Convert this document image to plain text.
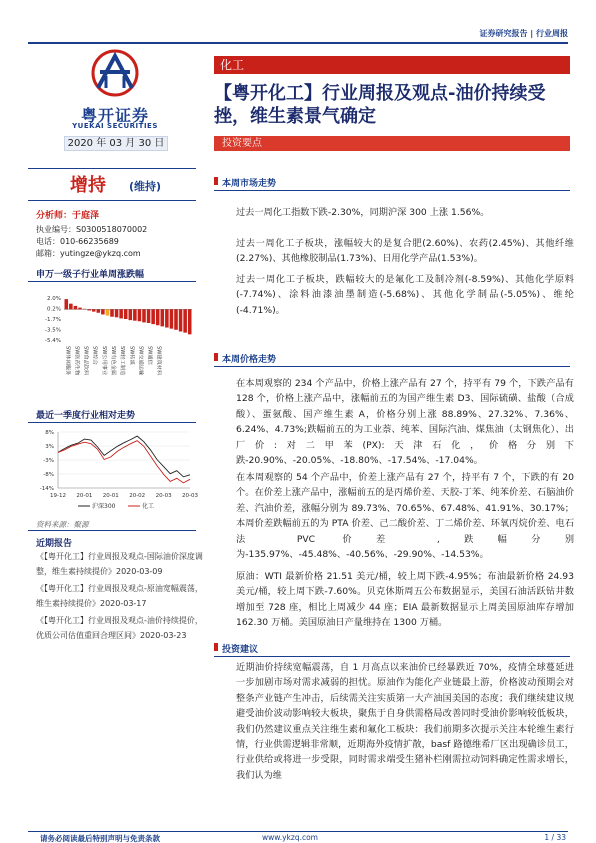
证券研究报告 | 行业周报
粤开证券
YUEKAI SECURITIES
化工
【粤开化工】行业周报及观点-油价持续受挫，维生素景气确定
2020 年 03 月 30 日	投资要点
增持 (维持)
分析师：于庭泽
执业编号：S0300518070002
电话：010-66235689
邮箱：yutingze@ykzq.com
申万一级子行业单周涨跌幅
2.0%
0.2%
-1.7%
-3.5%
-5.4%
SW休闲服务 SW医药生物 SW食品饮料 SW综合 SW公用事业 SW有色金属 SW轻工制造 SW传媒 SW交通运输 SW通信 SW建筑材料
最近一季度行业相对走势
8%
3%
-3%
-8%
-14%
19-12 20-01 20-01 20-02 20-03 20-03
沪深300	化工
资料来源：聚源
近期报告
《【粤开化工】行业周报及观点-国际油价深度调整，维生素持续提价》2020-03-09
《【粤开化工】行业周报及观点-原油宽幅震荡，维生素持续提价》2020-03-17
《【粤开化工】行业周报及观点-油价持续提价，优质公司估值重回合理区间》2020-03-23
本周市场走势
过去一周化工指数下跌-2.30%，同期沪深 300 上涨 1.56%。
过去一周化工子板块，涨幅较大的是复合肥(2.60%)、农药(2.45%)、其他纤维(2.27%)、其他橡胶制品(1.73%)、日用化学产品(1.53%)。
过去一周化工子板块，跌幅较大的是氟化工及制冷剂(-8.59%)、其他化学原料(-7.74%)、涂料油漆油墨制造(-5.68%)、其他化学制品(-5.05%)、维纶(-4.71%)。
本周价格走势
在本周观察的 234 个产品中，价格上涨产品有 27 个，持平有 79 个，下跌产品有 128 个，价格上涨产品中，涨幅前五的为国产维生素 D3、国际硫磺、盐酸（合成酸）、蛋氨酸、国产维生素 A，价格分别上涨 88.89%、27.32%、7.36%、6.24%、4.73%;跌幅前五的为工业萘、纯苯、国际汽油、煤焦油（太钢焦化）、出厂价:对二甲苯(PX):天津石化，价格分别下跌-20.90%、-20.05%、-18.80%、-17.54%、-17.04%。
在本周观察的 54 个产品中，价差上涨产品有 27 个，持平有 7 个，下跌的有 20 个。在价差上涨产品中，涨幅前五的是丙烯价差、天胶-丁苯、纯苯价差、石脑油价差、汽油价差，涨幅分别为 89.73%、70.65%、67.48%、41.91%、30.17%；本周价差跌幅前五的为 PTA 价差、己二酸价差、丁二烯价差、环氧丙烷价差、电石法 PVC 价差 ,跌幅分别为-135.97%、-45.48%、-40.56%、-29.90%、-14.53%。
原油：WTI 最新价格 21.51 美元/桶，较上周下跌-4.95%；布油最新价格 24.93 美元/桶，较上周下跌-7.60%。贝克休斯周五公布数据显示，美国石油活跃钻井数增加至 728 座，相比上周减少 44 座；EIA 最新数据显示上周美国原油库存增加 162.30 万桶。美国原油日产量维持在 1300 万桶。
投资建议
近期油价持续宽幅震荡，自 1 月高点以来油价已经暴跌近 70%，疫情全球蔓延进一步加剧市场对需求减弱的担忧。原油作为能化产业链最上游，价格波动预期会对整条产业链产生冲击，后续需关注实质第一大产油国美国的态度；我们继续建议规避受油价波动影响较大板块，聚焦于自身供需格局改善同时受油价影响较低板块，我们仍然建议重点关注维生素和氟化工板块：我们前期多次提示关注本轮维生素行情，行业供需逻辑非常顺，近期海外疫情扩散，basf 路德维希厂区出现确诊员工，行业供给或将进一步受限，同时需求端受生猪补栏刚需拉动饲料确定性需求增长，我们认为维
请务必阅读最后特别声明与免责条款	www.ykzq.com	1 / 33
